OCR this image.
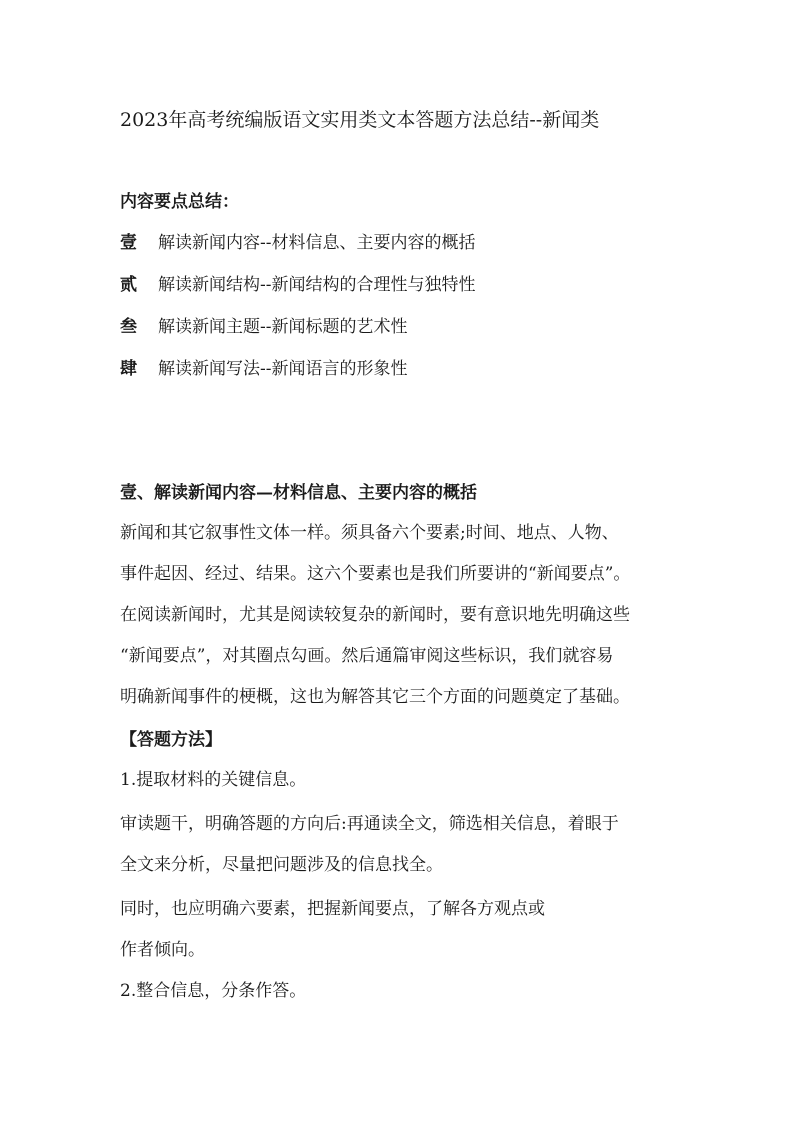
2023年高考统编版语文实用类文本答题方法总结--新闻类
内容要点总结：
壹 解读新闻内容--材料信息、主要内容的概括
贰 解读新闻结构--新闻结构的合理性与独特性
叁 解读新闻主题--新闻标题的艺术性
肆 解读新闻写法--新闻语言的形象性
壹、解读新闻内容—材料信息、主要内容的概括
新闻和其它叙事性文体一样。须具备六个要素;时间、地点、人物、
事件起因、经过、结果。这六个要素也是我们所要讲的“新闻要点”。
在阅读新闻时，尤其是阅读较复杂的新闻时，要有意识地先明确这些
“新闻要点”，对其圈点勾画。然后通篇审阅这些标识，我们就容易
明确新闻事件的梗概，这也为解答其它三个方面的问题奠定了基础。
【答题方法】
1.提取材料的关键信息。
审读题干，明确答题的方向后:再通读全文，筛选相关信息，着眼于
全文来分析，尽量把问题涉及的信息找全。
同时，也应明确六要素，把握新闻要点，了解各方观点或
作者倾向。
2.整合信息，分条作答。
